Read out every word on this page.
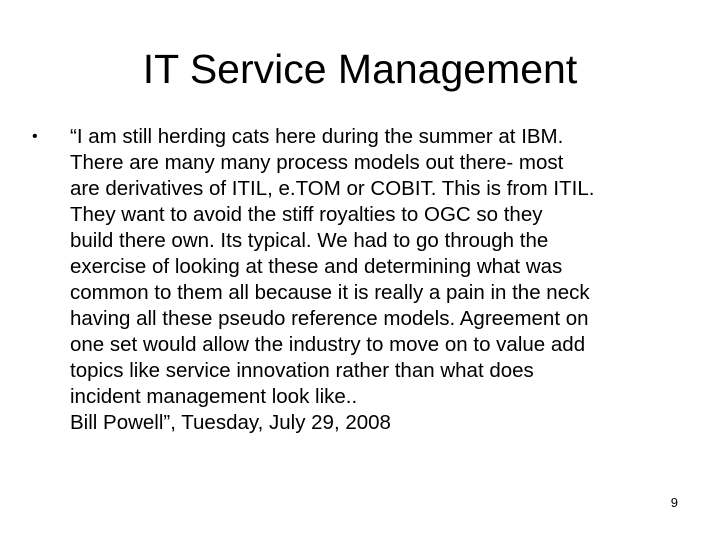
IT Service Management
• “I am still herding cats here during the summer at IBM.
There are many many process models out there- most
are derivatives of ITIL, e.TOM or COBIT. This is from ITIL.
They want to avoid the stiff royalties to OGC so they
build there own. Its typical. We had to go through the
exercise of looking at these and determining what was
common to them all because it is really a pain in the neck
having all these pseudo reference models. Agreement on
one set would allow the industry to move on to value add
topics like service innovation rather than what does
incident management look like..
Bill Powell”, Tuesday, July 29, 2008
9
